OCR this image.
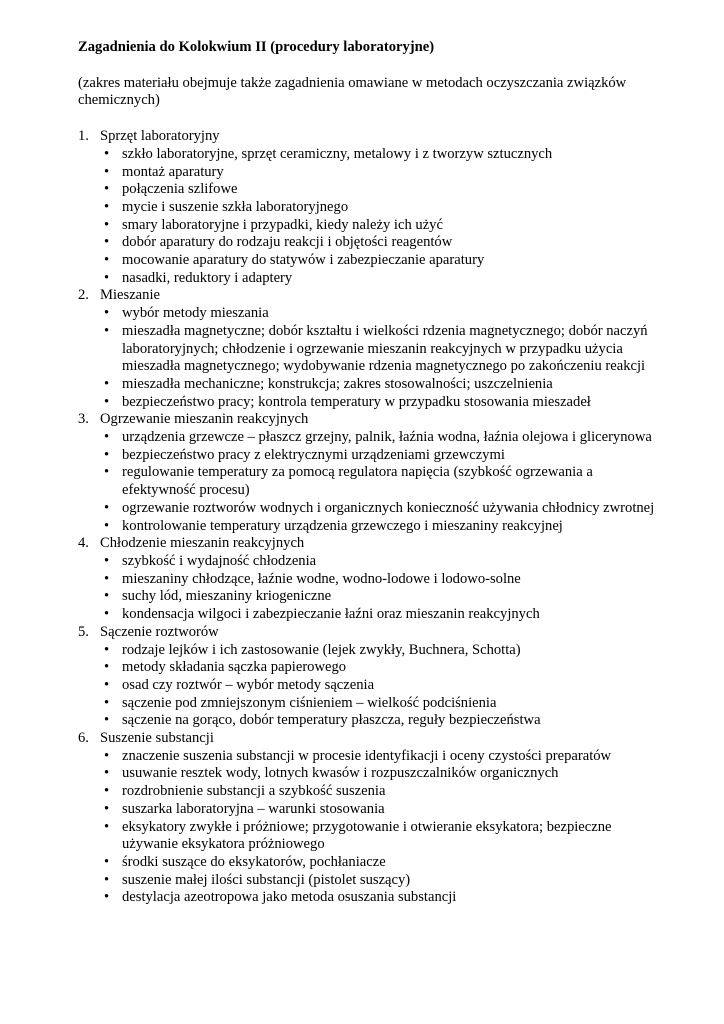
Zagadnienia do Kolokwium II (procedury laboratoryjne)

(zakres materiału obejmuje także zagadnienia omawiane w metodach oczyszczania związków chemicznych)

1. Sprzęt laboratoryjny
• szkło laboratoryjne, sprzęt ceramiczny, metalowy i z tworzyw sztucznych
• montaż aparatury
• połączenia szlifowe
• mycie i suszenie szkła laboratoryjnego
• smary laboratoryjne i przypadki, kiedy należy ich użyć
• dobór aparatury do rodzaju reakcji i objętości reagentów
• mocowanie aparatury do statywów i zabezpieczanie aparatury
• nasadki, reduktory i adaptery
2. Mieszanie
• wybór metody mieszania
• mieszadła magnetyczne; dobór kształtu i wielkości rdzenia magnetycznego; dobór naczyń laboratoryjnych; chłodzenie i ogrzewanie mieszanin reakcyjnych w przypadku użycia mieszadła magnetycznego; wydobywanie rdzenia magnetycznego po zakończeniu reakcji
• mieszadła mechaniczne; konstrukcja; zakres stosowalności; uszczelnienia
• bezpieczeństwo pracy; kontrola temperatury w przypadku stosowania mieszadeł
3. Ogrzewanie mieszanin reakcyjnych
• urządzenia grzewcze – płaszcz grzejny, palnik, łaźnia wodna, łaźnia olejowa i glicerynowa
• bezpieczeństwo pracy z elektrycznymi urządzeniami grzewczymi
• regulowanie temperatury za pomocą regulatora napięcia (szybkość ogrzewania a efektywność procesu)
• ogrzewanie roztworów wodnych i organicznych konieczność używania chłodnicy zwrotnej
• kontrolowanie temperatury urządzenia grzewczego i mieszaniny reakcyjnej
4. Chłodzenie mieszanin reakcyjnych
• szybkość i wydajność chłodzenia
• mieszaniny chłodzące, łaźnie wodne, wodno-lodowe i lodowo-solne
• suchy lód, mieszaniny kriogeniczne
• kondensacja wilgoci i zabezpieczanie łaźni oraz mieszanin reakcyjnych
5. Sączenie roztworów
• rodzaje lejków i ich zastosowanie (lejek zwykły, Buchnera, Schotta)
• metody składania sączka papierowego
• osad czy roztwór – wybór metody sączenia
• sączenie pod zmniejszonym ciśnieniem – wielkość podciśnienia
• sączenie na gorąco, dobór temperatury płaszcza, reguły bezpieczeństwa
6. Suszenie substancji
• znaczenie suszenia substancji w procesie identyfikacji i oceny czystości preparatów
• usuwanie resztek wody, lotnych kwasów i rozpuszczalników organicznych
• rozdrobnienie substancji a szybkość suszenia
• suszarka laboratoryjna – warunki stosowania
• eksykatory zwykłe i próżniowe; przygotowanie i otwieranie eksykatora; bezpieczne używanie eksykatora próżniowego
• środki suszące do eksykatorów, pochłaniacze
• suszenie małej ilości substancji (pistolet suszący)
• destylacja azeotropowa jako metoda osuszania substancji
